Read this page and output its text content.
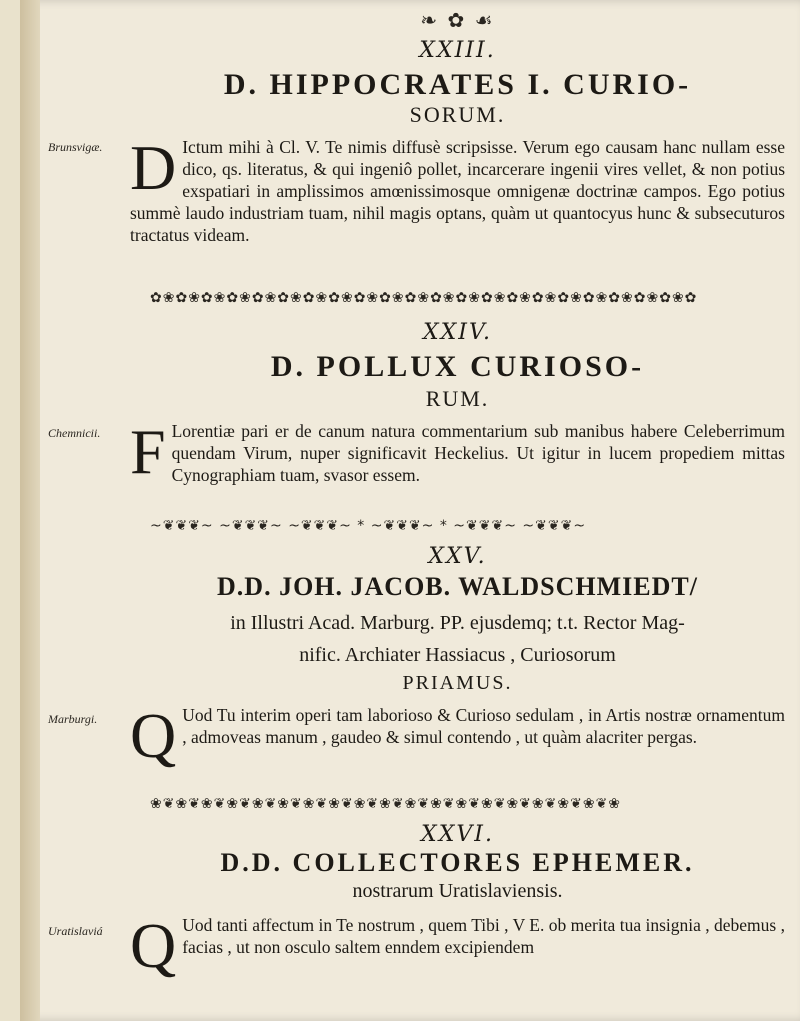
❧ ✿ ☙
XXIII.
D. HIPPOCRATES I. CURIO-
SORUM.
Brunsvigæ. D Ictum mihi à Cl. V. Te nimis diffusè scripsisse. Verum ego causam hanc nullam esse dico, qs. literatus, & qui ingeniô pollet, incarcerare ingenii vires vellet, & non potius exspatiari in amplissimos amœnissimosque omnigenæ doctrinæ campos. Ego potius summè laudo industriam tuam, nihil magis optans, quàm ut quantocyus hunc & subsecuturos tractatus videam.

✿❀✿❀✿❀✿❀✿❀✿❀✿❀✿❀✿❀✿❀✿❀✿❀✿❀✿❀✿❀✿❀✿❀✿❀✿❀✿❀✿❀✿
XXIV.
D. POLLUX CURIOSO-
RUM.
Chemnicii. F Lorentiæ pari er de canum natura commentarium sub manibus habere Celeberrimum quendam Virum, nuper significavit Heckelius. Ut igitur in lucem propediem mittas Cynographiam tuam, svasor essem.

~❦❦❦~ ~❦❦❦~ ~❦❦❦~ * ~❦❦❦~ * ~❦❦❦~ ~❦❦❦~
XXV.
D.D. JOH. JACOB. WALDSCHMIEDT/
in Illustri Acad. Marburg. PP. ejusdemq; t.t. Rector Mag-
nific. Archiater Hassiacus , Curiosorum
PRIAMUS.
Marburgi. Q Uod Tu interim operi tam laborioso & Curioso sedulam , in Artis nostræ ornamentum , admoveas manum , gaudeo & simul contendo , ut quàm alacriter pergas.

❀❦❀❦❀❦❀❦❀❦❀❦❀❦❀❦❀❦❀❦❀❦❀❦❀❦❀❦❀❦❀❦❀❦❀❦❀
XXVI.
D.D. COLLECTORES EPHEMER.
nostrarum Uratislaviensis.
Uratislaviá Q Uod tanti affectum in Te nostrum , quem Tibi , V E. ob merita tua insignia , debemus , facias , ut non osculo saltem enndem excipiendem
